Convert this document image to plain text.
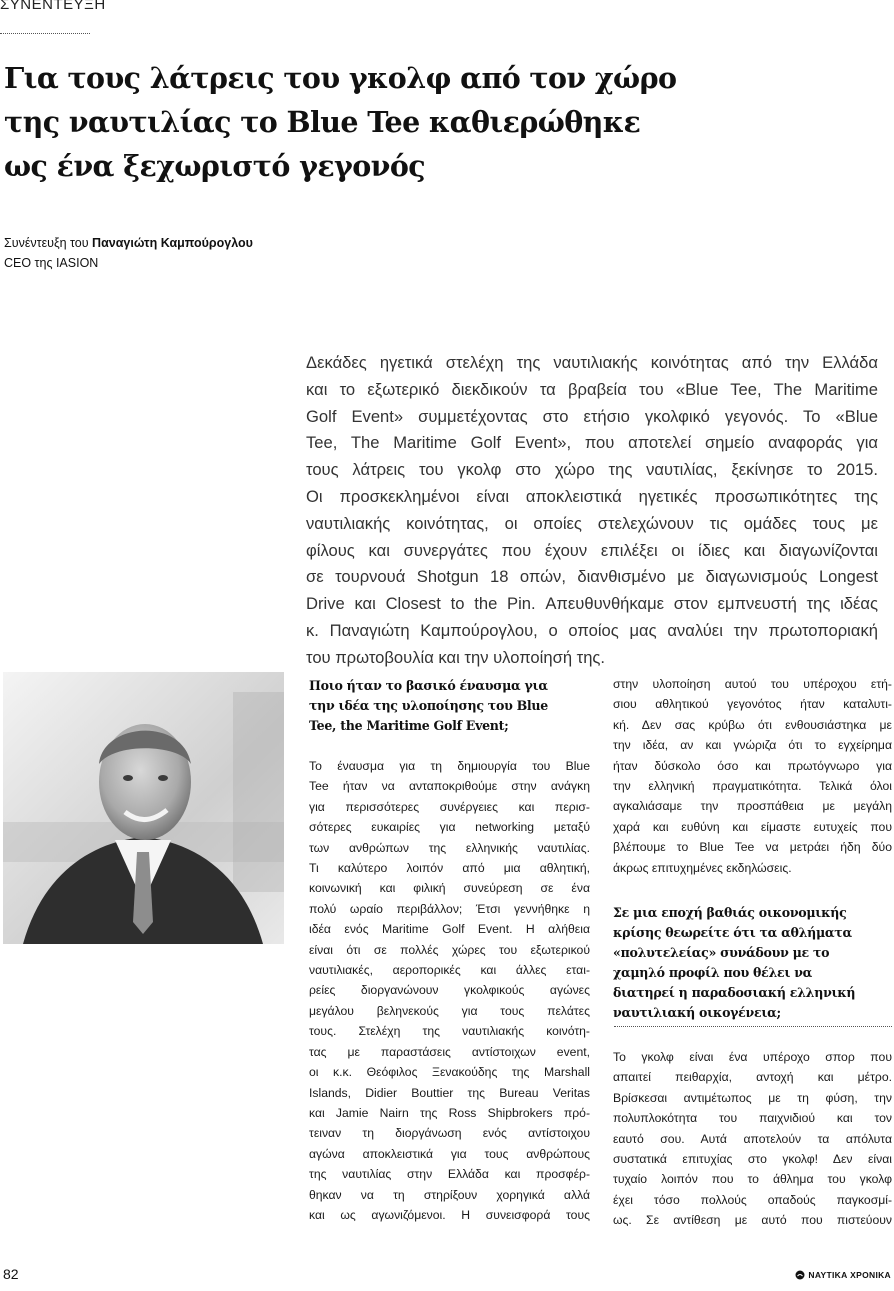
ΣΥΝΕΝΤΕΥΞΗ
Για τους λάτρεις του γκολφ από τον χώρο
της ναυτιλίας το Blue Tee καθιερώθηκε
ως ένα ξεχωριστό γεγονός
Συνέντευξη του Παναγιώτη Καμπούρογλου
CEO της IASION
Δεκάδες ηγετικά στελέχη της ναυτιλιακής κοινότητας από την Ελλάδα
και το εξωτερικό διεκδικούν τα βραβεία του «Blue Tee, The Maritime
Golf Event» συμμετέχοντας στο ετήσιο γκολφικό γεγονός. Το «Blue
Tee, The Maritime Golf Event», που αποτελεί σημείο αναφοράς για
τους λάτρεις του γκολφ στο χώρο της ναυτιλίας, ξεκίνησε το 2015.
Οι προσκεκλημένοι είναι αποκλειστικά ηγετικές προσωπικότητες της
ναυτιλιακής κοινότητας, οι οποίες στελεχώνουν τις ομάδες τους με
φίλους και συνεργάτες που έχουν επιλέξει οι ίδιες και διαγωνίζονται
σε τουρνουά Shotgun 18 οπών, διανθισμένο με διαγωνισμούς Longest
Drive και Closest to the Pin. Απευθυνθήκαμε στον εμπνευστή της ιδέας
κ. Παναγιώτη Καμπούρογλου, ο οποίος μας αναλύει την πρωτοποριακή
του πρωτοβουλία και την υλοποίησή της.
Ποιο ήταν το βασικό έναυσμα για
την ιδέα της υλοποίησης του Blue
Tee, the Maritime Golf Event;
Το έναυσμα για τη δημιουργία του Blue
Tee ήταν να ανταποκριθούμε στην ανάγκη
για περισσότερες συνέργειες και περισ-
σότερες ευκαιρίες για networking μεταξύ
των ανθρώπων της ελληνικής ναυτιλίας.
Τι καλύτερο λοιπόν από μια αθλητική,
κοινωνική και φιλική συνεύρεση σε ένα
πολύ ωραίο περιβάλλον; Έτσι γεννήθηκε η
ιδέα ενός Maritime Golf Event. Η αλήθεια
είναι ότι σε πολλές χώρες του εξωτερικού
ναυτιλιακές, αεροπορικές και άλλες εται-
ρείες διοργανώνουν γκολφικούς αγώνες
μεγάλου βεληνεκούς για τους πελάτες
τους. Στελέχη της ναυτιλιακής κοινότη-
τας με παραστάσεις αντίστοιχων event,
οι κ.κ. Θεόφιλος Ξενακούδης της Marshall
Islands, Didier Bouttier της Bureau Veritas
και Jamie Nairn της Ross Shipbrokers πρό-
τειναν τη διοργάνωση ενός αντίστοιχου
αγώνα αποκλειστικά για τους ανθρώπους
της ναυτιλίας στην Ελλάδα και προσφέρ-
θηκαν να τη στηρίξουν χορηγικά αλλά
και ως αγωνιζόμενοι. Η συνεισφορά τους
στην υλοποίηση αυτού του υπέροχου ετή-
σιου αθλητικού γεγονότος ήταν καταλυτι-
κή. Δεν σας κρύβω ότι ενθουσιάστηκα με
την ιδέα, αν και γνώριζα ότι το εγχείρημα
ήταν δύσκολο όσο και πρωτόγνωρο για
την ελληνική πραγματικότητα. Τελικά όλοι
αγκαλιάσαμε την προσπάθεια με μεγάλη
χαρά και ευθύνη και είμαστε ευτυχείς που
βλέπουμε το Blue Tee να μετράει ήδη δύο
άκρως επιτυχημένες εκδηλώσεις.
Σε μια εποχή βαθιάς οικονομικής
κρίσης θεωρείτε ότι τα αθλήματα
«πολυτελείας» συνάδουν με το
χαμηλό προφίλ που θέλει να
διατηρεί η παραδοσιακή ελληνική
ναυτιλιακή οικογένεια;
Το γκολφ είναι ένα υπέροχο σπορ που
απαιτεί πειθαρχία, αντοχή και μέτρο.
Βρίσκεσαι αντιμέτωπος με τη φύση, την
πολυπλοκότητα του παιχνιδιού και τον
εαυτό σου. Αυτά αποτελούν τα απόλυτα
συστατικά επιτυχίας στο γκολφ! Δεν είναι
τυχαίο λοιπόν που το άθλημα του γκολφ
έχει τόσο πολλούς οπαδούς παγκοσμί-
ως. Σε αντίθεση με αυτό που πιστεύουν
82	ΝΑΥΤΙΚΑ ΧΡΟΝΙΚΑ
